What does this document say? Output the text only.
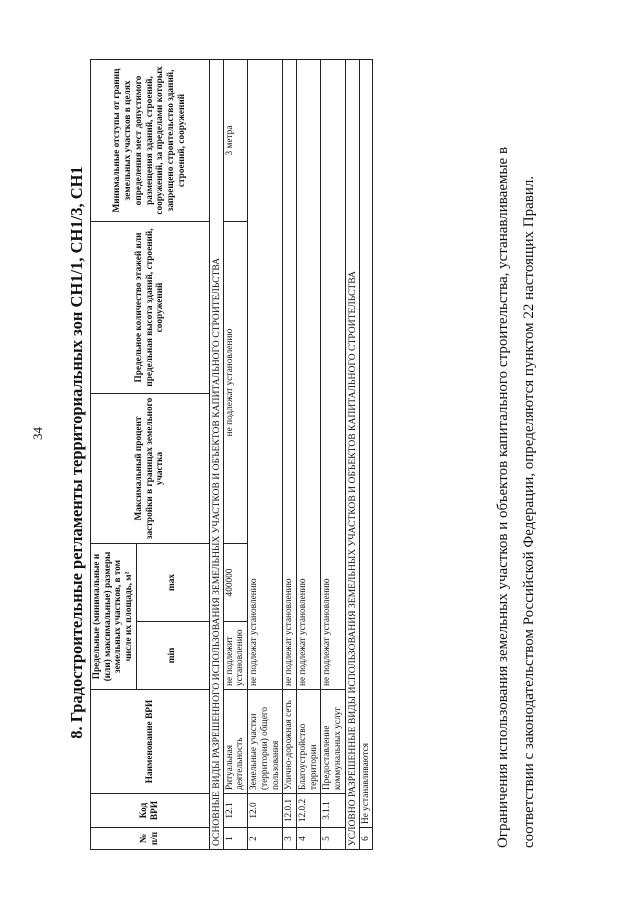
34 8. Градостроительные регламенты территориальных зон СН1/1, СН1/3, СН1
№ п/п	Код ВРИ	Наименование ВРИ	Предельные (минимальные и (или) максимальные) размеры земельных участков, в том числе их площадь, м²		Максимальный процент застройки в границах земельного участка	Предельное количество этажей или предельная высота зданий, строений, сооружений	Минимальные отступы от границ земельных участков в целях определения мест допустимого размещения зданий, строений, сооружений, за пределами которых запрещено строительство зданий, строений, сооружений
			min	max			
ОСНОВНЫЕ ВИДЫ РАЗРЕШЕННОГО ИСПОЛЬЗОВАНИЯ ЗЕМЕЛЬНЫХ УЧАСТКОВ И ОБЪЕКТОВ КАПИТАЛЬНОГО СТРОИТЕЛЬСТВА							
1	12.1	Ритуальная деятельность	не подлежит установлению	400000	не подлежат установлению		3 метра
2	12.0	Земельные участки (территории) общего пользования	не подлежат установлению				
3	12.0.1	Улично-дорожная сеть	не подлежат установлению				
4	12.0.2	Благоустройство территории	не подлежат установлению				
5	3.1.1	Предоставление коммунальных услуг	не подлежат установлению				
УСЛОВНО РАЗРЕШЕННЫЕ ВИДЫ ИСПОЛЬЗОВАНИЯ ЗЕМЕЛЬНЫХ УЧАСТКОВ И ОБЪЕКТОВ КАПИТАЛЬНОГО СТРОИТЕЛЬСТВА							
6	Не устанавливаются							Ограничения использования земельных участков и объектов капитального строительства, устанавливаемые в соответствии с законодательством Российской Федерации, определяются пунктом 22 настоящих Правил.
